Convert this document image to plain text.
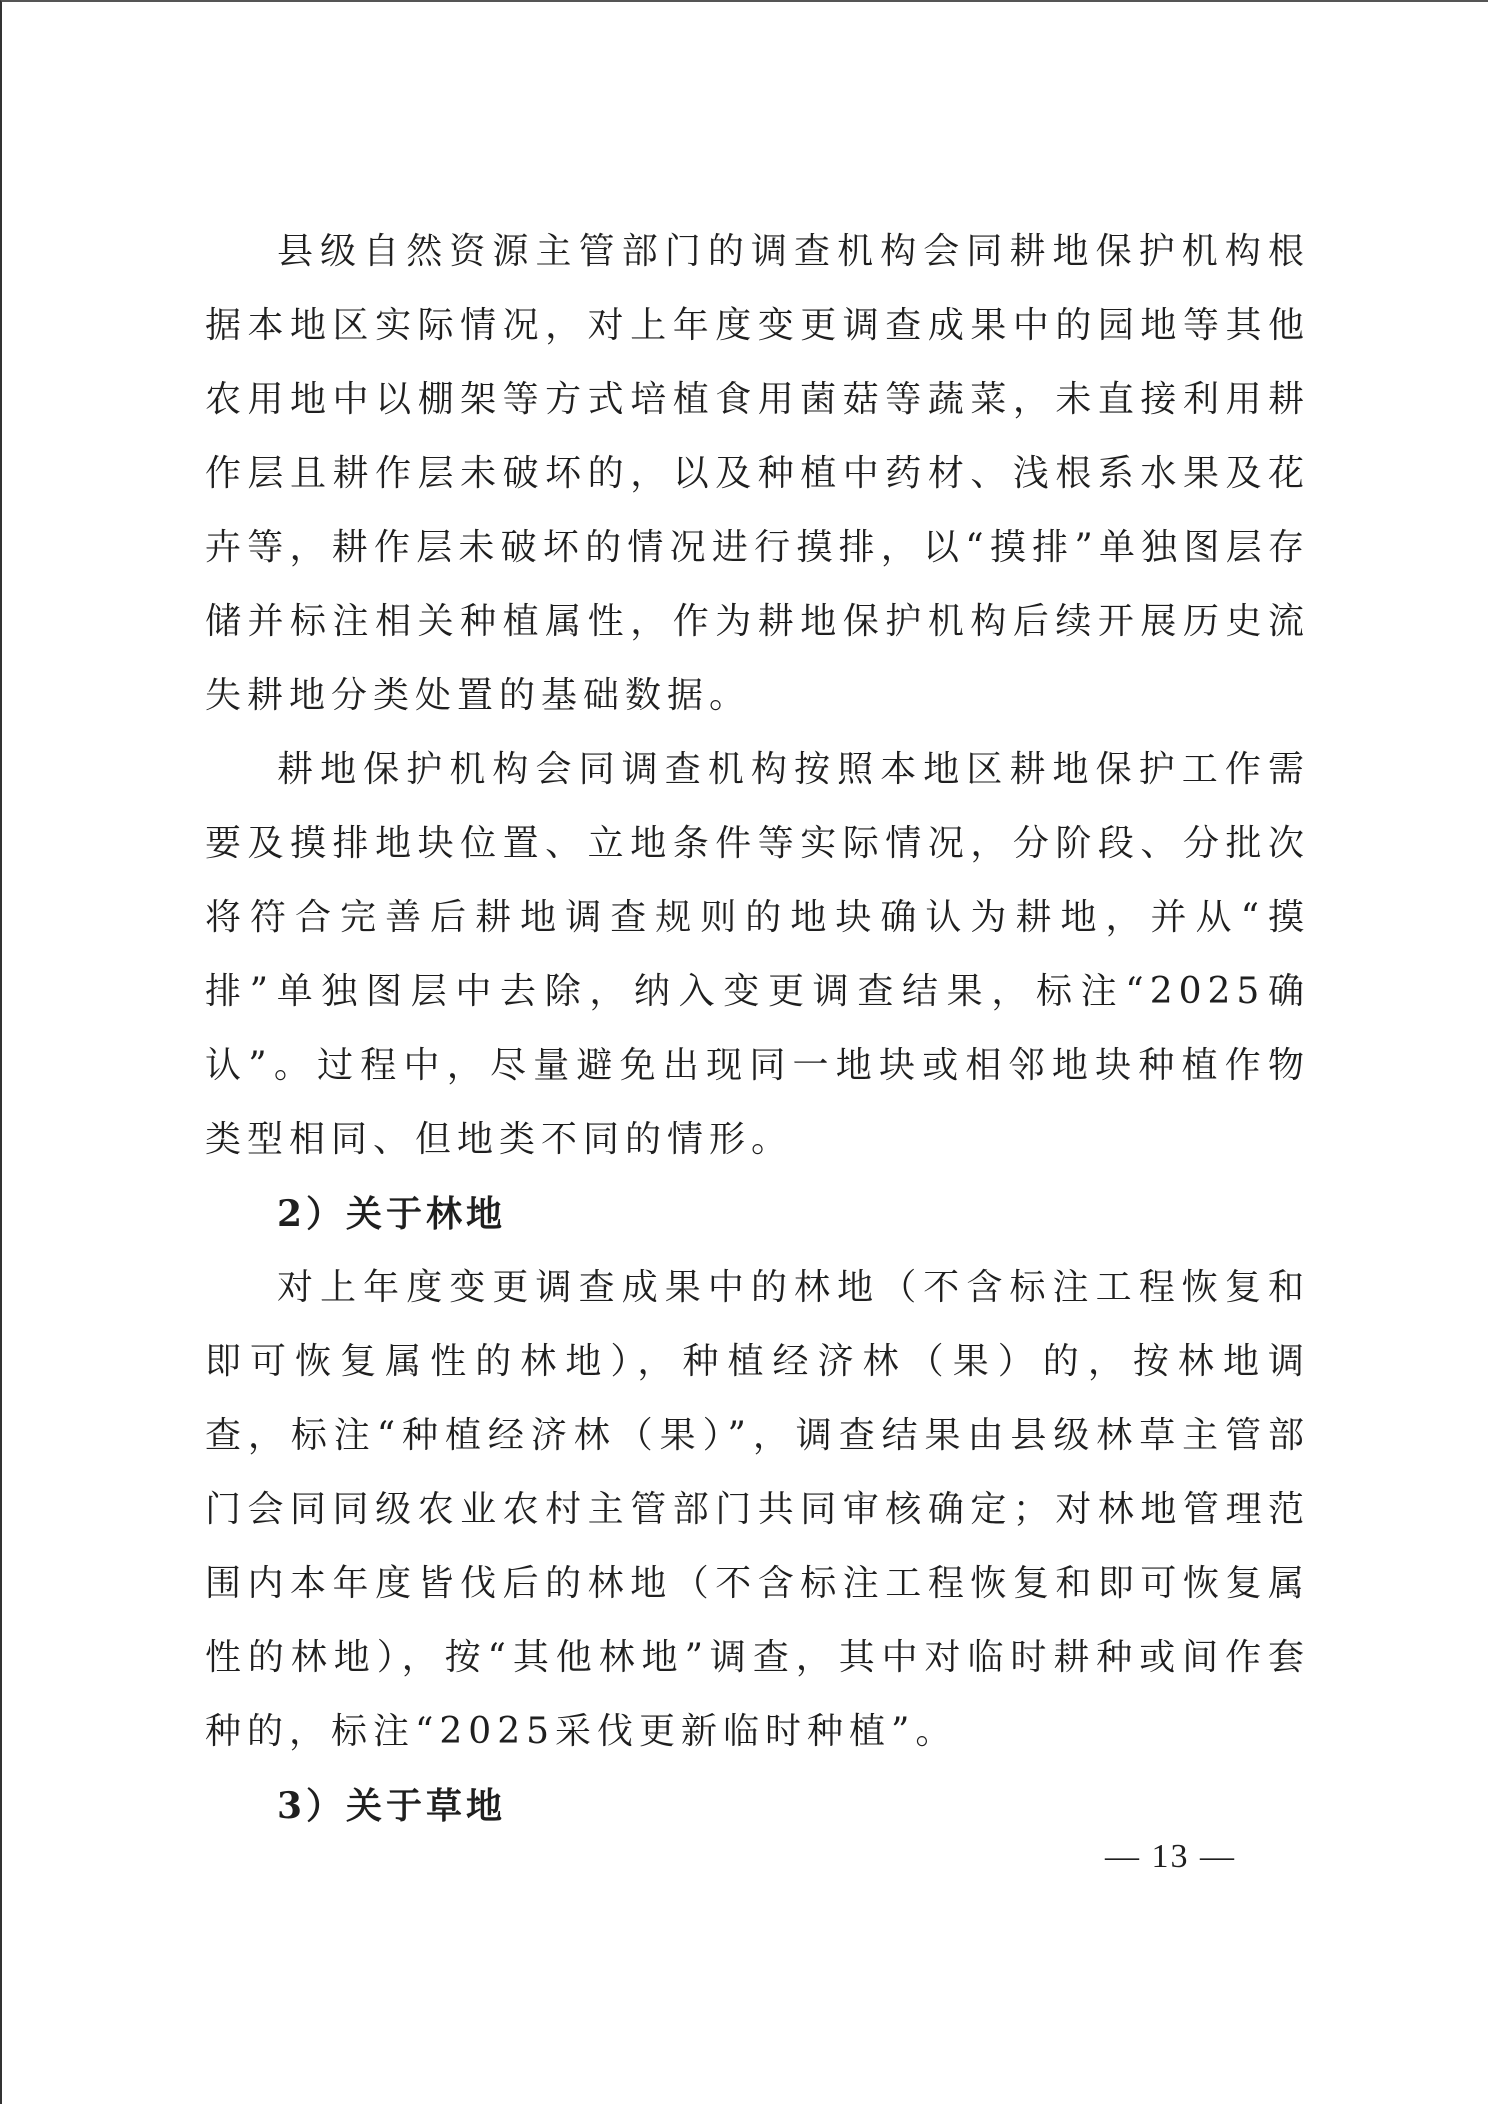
县级自然资源主管部门的调查机构会同耕地保护机构根据本地区实际情况，对上年度变更调查成果中的园地等其他农用地中以棚架等方式培植食用菌菇等蔬菜，未直接利用耕作层且耕作层未破坏的，以及种植中药材、浅根系水果及花卉等，耕作层未破坏的情况进行摸排，以“摸排”单独图层存储并标注相关种植属性，作为耕地保护机构后续开展历史流失耕地分类处置的基础数据。

耕地保护机构会同调查机构按照本地区耕地保护工作需要及摸排地块位置、立地条件等实际情况，分阶段、分批次将符合完善后耕地调查规则的地块确认为耕地，并从“摸排”单独图层中去除，纳入变更调查结果，标注“2025确认”。过程中，尽量避免出现同一地块或相邻地块种植作物类型相同、但地类不同的情形。

2）关于林地

对上年度变更调查成果中的林地（不含标注工程恢复和即可恢复属性的林地），种植经济林（果）的，按林地调查，标注“种植经济林（果）”，调查结果由县级林草主管部门会同同级农业农村主管部门共同审核确定；对林地管理范围内本年度皆伐后的林地（不含标注工程恢复和即可恢复属性的林地），按“其他林地”调查，其中对临时耕种或间作套种的，标注“2025采伐更新临时种植”。

3）关于草地

— 13 —
